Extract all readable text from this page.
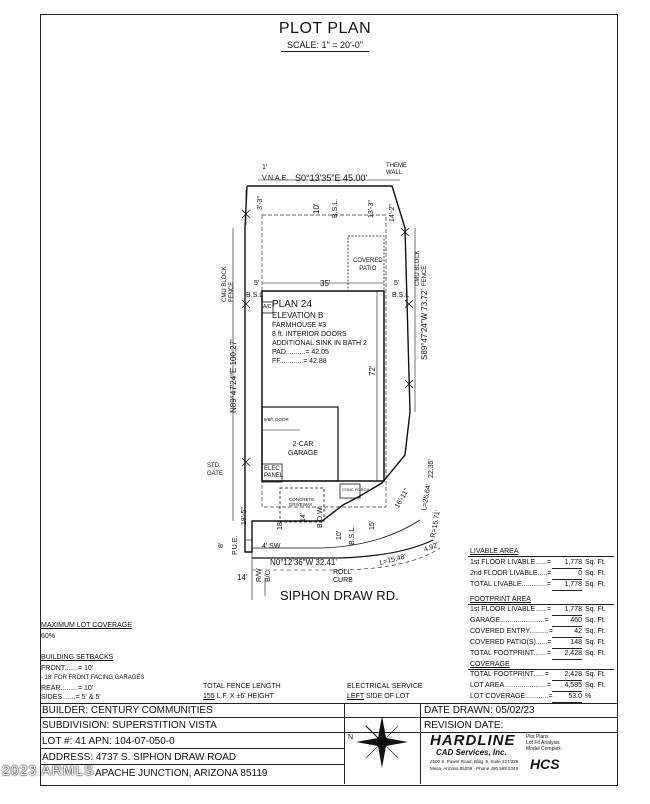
PLOT PLAN
SCALE: 1" = 20'-0"
1'
V.N.A.E. S0°13'35"E 45.00'
THEME
WALL
3'-3"	10' B.S.L.	13'-3" 14'-2"
CMU BLOCK
FENCE
CMU BLOCK
FENCE
COVERED
PATIO
35'
5'	5'
B.S.L	B.S.L
A/C PLAN 24
ELEVATION B
FARMHOUSE #3
8 ft. INTERIOR DOORS
ADDITIONAL SINK IN BATH 2
PAD..........= 42.05
FF............= 42.88
N89°47'24"E 100.27'
S89°47'24"W 73.72'
72'
9/8ft. DOOR
2-CAR
GARAGE
STD.
GATE
ELEC
PANEL
CONCRETE
DRIVEWAY
CONC PORCH
18'
14' B.O.W.
10' B.S.L.
15'
18'-5"
P.U.E.
8'	4' SW
N0°12'36"W 32.41'	L=15.48'
4.92'
22.35'
L=26.64'
R=15.71'
16'-11"
ROLL
CURB
R/W B/C
14'
SIPHON DRAW RD.
LIVABLE AREA
1st FLOOR LIVABLE......= 1,778 Sq. Ft.
2nd FLOOR LIVABLE.....=	0 Sq. Ft.
TOTAL LIVABLE.............= 1,778 Sq. Ft.
FOOTPRINT AREA
1st FLOOR LIVABLE......= 1,778 Sq. Ft.
GARAGE.......................=	460 Sq. Ft.
COVERED ENTRY..........=	42 Sq. Ft.
COVERED PATIO(S)......=	148 Sq. Ft.
TOTAL FOOTPRINT.......= 2,428 Sq. Ft.
COVERAGE
TOTAL FOOTPRINT......= 2,428 Sq. Ft.
LOT AREA......................= 4,585 Sq. Ft.
LOT COVERAGE............= 53.0 %
MAXIMUM LOT COVERAGE
60%
BUILDING SETBACKS
FRONT.......= 10'
- 18' FOR FRONT FACING GARAGES
REAR.........= 10'
SIDES.......= 5' & 5'
TOTAL FENCE LENGTH
155 L.F. X ±6' HEIGHT
ELECTRICAL SERVICE
LEFT SIDE OF LOT
BUILDER: CENTURY COMMUNITIES
SUBDIVISION: SUPERSTITION VISTA
LOT #: 41 APN: 104-07-050-0
ADDRESS: 4737 S. SIPHON DRAW ROAD
APACHE JUNCTION, ARIZONA 85119
DATE DRAWN: 05/02/23
REVISION DATE:
N	HARDLINE
CAD Services, Inc.
2500 S. Power Road, Bldg. 9, Suite 227/228
Mesa, Arizona 85209 - Phone 480.599.5349
Plot Plans
Lot Fit Analysis
Model Complex
HCS
2023 ARMLS
